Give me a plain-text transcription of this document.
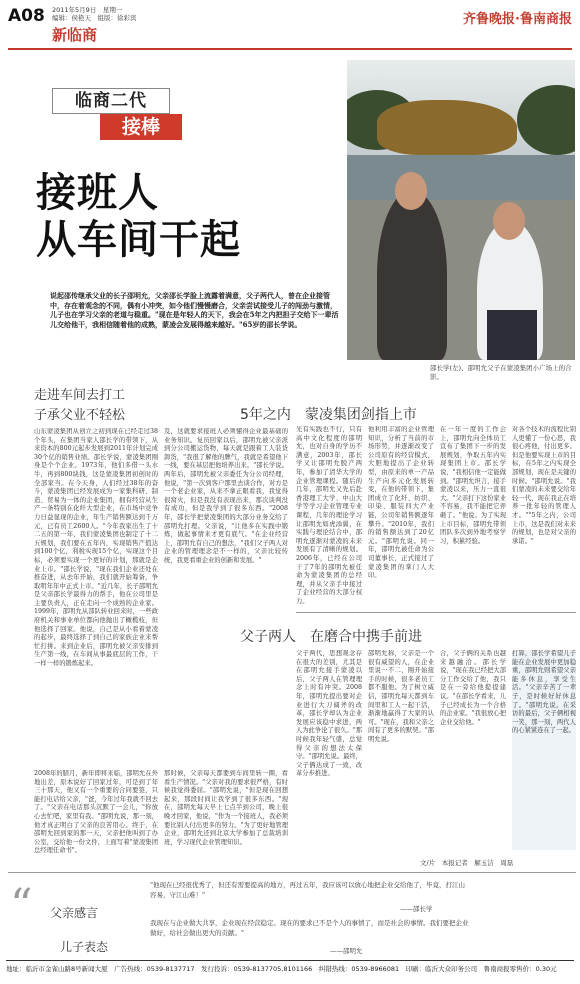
A08 2011年5月9日　星期一
编辑：侯艳天　组版：徐彩宾
新临商
齐鲁晚报·鲁南商报
临商二代
接棒
接班人
从车间干起
邵长学(左)、邵明允父子在蒙凌集团小广场上的合影。
说起邵传继承父业的长子邵明允，父亲邵长学脸上流露着满意，父子两代人，曾在企业接管中，存在着观念的不同，偶有小冲突，如今他们慢慢磨合，父亲尝试接受儿子的闯劲与激情，儿子也在学习父亲的老道与稳重。"现在是年轻人的天下，我会在5年之内把担子交给下一辈活儿交给他干，我相信随着他的成熟，蒙凌会发展得越来越好。"65岁的邵长学说。
走进车间去打工
子承父业不轻松
山东蒙凌集团从创立之初到现在已经走过38个年头，在集团当家人邵长学的带领下，从来资本的800元起步发展到2011年计划完成30个亿的销售业绩。邵长学说，蒙凌集团刚身是个个企业。1973年，他们多借一头水牛，再到800块钱，这是蒙凌集团初创时的全部家当。在今天身，人们经过38年的奋斗，蒙凌集团已经发展成为一家集科研、制造、贸易为一体的企业集团，拥有经营从生产一条特别在化纤大型企业，在市场中竞争力日益显现的企业，年生产销售额达到千万元，已有员工2600人。"今年我家出生了十二五的第一年，我们蒙凌集团也制定了十二五规划，我们要在五年内，实现销售产值达到100个亿，利税实现15个亿，实现这个目标，必须要实现一个更好的计划，那就是企业上市。"邵长学说，"现在我们企业还处在推奋进，从去年开始，我们就开始筹备，争取明年年中正式上市。"近几年，长子邵明允是父亲邵长学最得力的帮手，他在公司里是主要负责人，正在走向一个成熟的企业家。1999年，邵明允从部队转业回来时，一些政府机关和事业单位都向他抛出了橄榄枝，但他选择了回家。他说，自己是从小看着蒙凌的起步，最终选择了到自己的家族企业来帮忙打拼。来到企业后，邵明允被父亲安排到生产第一线，在车间从事最底层的工作，干一样一样的锻炼起来。
及，这就要求接班人必须懂得企业最基础的业务知识。复员回家以后，邵明允被父亲派到分公司搬运货物，每天就是跟着工人装货卸货，"我很了解他的脾气，我就是希望他下一线，要在基层把他培养出来。"邵长学说。两年后，邵明允被父亲委任为分公司经理，他说，"第一次到客户那里去谈合作，对方是一个老企业家，从来不拿正眼看我，我觉得很窝火，但是我没有表现出来，那次谈判没有成功，但是我学到了很多东西。"2008年，邵长学把蒙凌集团的大部分业务交给了邵明允打理。父亲说，"让他多在实践中锻炼，做起事情来才更有底气。"在企业经营上，邵明允有自己的想法，"我们父子两人对企业的管理理念是不一样的，父亲比较传统，我更看重企业的创新和发展。"
2008年的腊月，新年即将来临，邵明允在外地出差，原本说好了回家过年，可是到了年三十那天，他又有一个重要的合同要签，只能打电话给父亲，"爸，今年过年我就不回去了。"父亲在电话那头沉默了一会儿，"你放心去忙吧，家里有我。"邵明允说，那一刻，他才真正明白了父亲的良苦用心。终于，在邵明允回到家的那一天，父亲把他叫到了办公室，交给他一份文件，上面写着"蒙凌集团总经理任命书"。
那时候，父亲每天都要到车间里转一圈，看看生产情况。"父亲对我的要求很严格，有时候我觉得委屈。"邵明允说，"但是现在回想起来，那段时间让我学到了很多东西。"现在，邵明允每天早上七点半到公司，晚上很晚才回家，他说，"作为一个接班人，我必须要比别人付出更多的努力。"为了更好地管理企业，邵明允还到北京大学参加了总裁培训班，学习现代企业管理知识。
5年之内　蒙凌集团剑指上市
光有实践也不行，只有高中文化程度的邵明允，也对自身的学历不满意，2003年，邵长学又让邵明允脱产两年，参加了清华大学的企业管理课程。随后的几年，邵明允又先后赴香港理工大学、中山大学等学习企业管理专业课程，几年的理论学习让邵明允如虎添翼，在实践与理论结合中，邵明允逐渐对蒙凌的未来发展有了清晰的规划。2006年，已经在公司干了7年的邵明允被任命为蒙凌集团的总经理，并从父亲手中接过了企业经营的大部分权力。
他利用丰富的企业管理知识，分析了当前的市场形势，并逐渐改变了公司原有的经营模式，大胆地提出了企业转型，由原来的单一产品生产向多元化发展转变，在他的带领下，集团成立了化纤、纺织、印染、服装四大产业链，公司年销售额逐年攀升。"2010年，我们的销售额达到了20亿元。"邵明允说。同一年，邵明允被任命为公司董事长，正式接过了蒙凌集团的掌门人大印。
在一年一度的工作会上，邵明允向全体员工宣布了集团下一步的发展规划，争取五年内实现集团上市。邵长学说，"我相信他一定能做到。"邵明允坦言，接手蒙凌以来，压力一直很大。"父亲打下这份家业不容易，我不能把它弄砸了。"他说。为了实现上市目标，邵明允带领团队多次到外地考察学习，积累经验。
对各个技术的流程比别人更懂了一份心思，我很心疼他，付出更多。但是他要实现上市的目标，在5年之内实现全部规划，现在是关键的时候。"邵明允说。"我们蒙凌的未来要交给年轻一代，现在我正在培养一批年轻的管理人才。""5年之内，公司上市，这是我们对未来的规划，也是对父亲的承诺。"
父子两人　在磨合中携手前进
父子两代，思想观念存在很大的差别，尤其是在邵明允接手蒙凌以后，父子两人在管理理念上时有冲突。2008年，邵明允提出要对企业进行大刀阔斧的改革，邵长学却认为企业发展应该稳中求进，两人为此争论了很久。"那时候我年轻气盛，总觉得父亲的想法太保守。"邵明允说。最终，父子俩达成了一致，改革分步推进。
邵明允称，父亲是一个很有威望的人，在企业里说一不二，刚开始接手的时候，很多老员工都不服他。为了树立威信，邵明允每天都到车间里和工人一起干活，渐渐地赢得了大家的认可。"现在，我和父亲之间有了更多的默契。"邵明允说。
合，父子俩的关系也越来越融洽。邵长学说，"现在我已经把大部分工作交给了他，我只是在一旁给他提提建议。"在邵长学看来，儿子已经成长为一个合格的企业家。"我很放心把企业交给他。"
打算，邵长学希望儿子能在企业发展中更加稳重，邵明允则希望父亲能多休息，享受生活。"父亲辛苦了一辈子，是时候好好休息了。"邵明允说。在采访的最后，父子俩相视一笑，那一刻，两代人的心紧紧连在了一起。
文/片　本报记者　解玉洁　周磊
“ 父亲感言
儿子表态
"他现在已经很优秀了，但还有需要提高的地方，再过五年，我应该可以放心地把企业交给他了，毕竟，打江山容易，守江山难！"
——邵长学
我现在与企业做大共享，企业现在经营稳定。现在的要求已不是个人的事情了，而是社会的事情。我们要把企业做好，给社会做出更大的贡献。"
——邵明允
地址：临沂市金雀山路8号新闻大厦　广告热线：0539-8137717　发行投诉：0539-8137705,8101166　纠错热线：0539-8966081　印刷：临沂大众印务公司　鲁南商报零售价：0.30元
